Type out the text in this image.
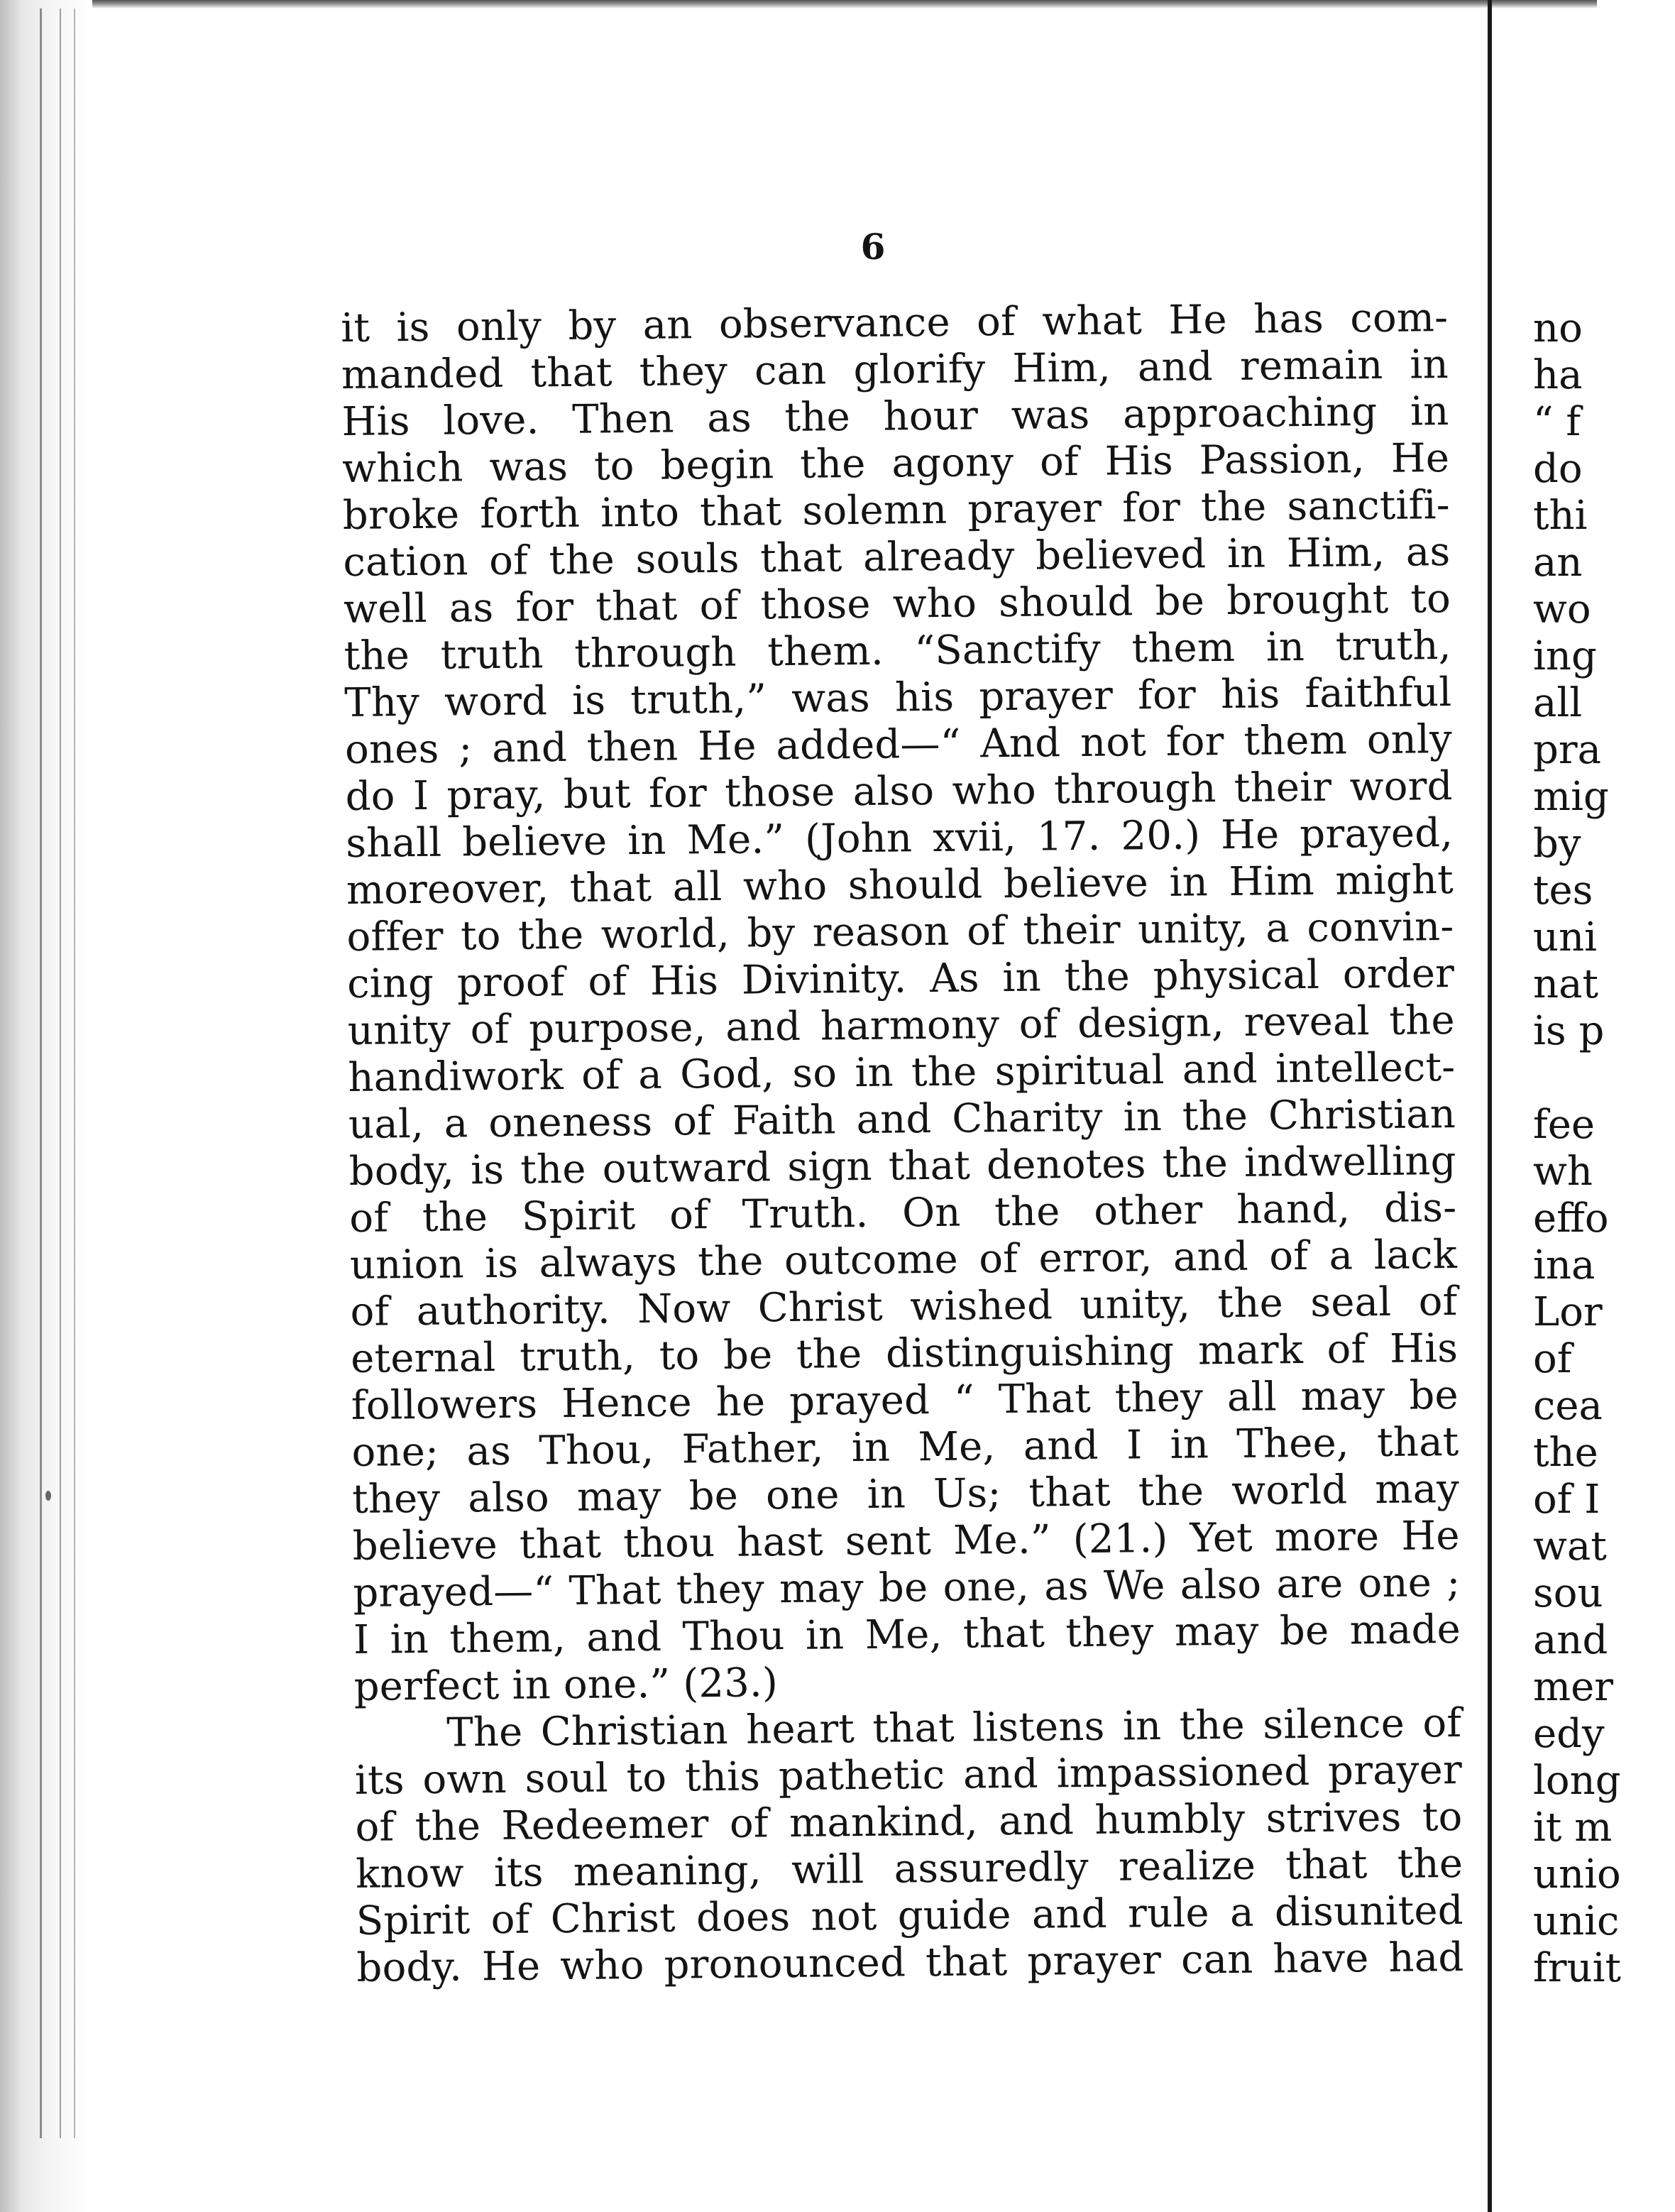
6
it is only by an observance of what He has com-
manded that they can glorify Him, and remain in
His love. Then as the hour was approaching in
which was to begin the agony of His Passion, He
broke forth into that solemn prayer for the sanctifi-
cation of the souls that already believed in Him, as
well as for that of those who should be brought to
the truth through them. “Sanctify them in truth,
Thy word is truth,” was his prayer for his faithful
ones ; and then He added—“ And not for them only
do I pray, but for those also who through their word
shall believe in Me.” (John xvii, 17. 20.) He prayed,
moreover, that all who should believe in Him might
offer to the world, by reason of their unity, a convin-
cing proof of His Divinity. As in the physical order
unity of purpose, and harmony of design, reveal the
handiwork of a God, so in the spiritual and intellect-
ual, a oneness of Faith and Charity in the Christian
body, is the outward sign that denotes the indwelling
of the Spirit of Truth. On the other hand, dis-
union is always the outcome of error, and of a lack
of authority. Now Christ wished unity, the seal of
eternal truth, to be the distinguishing mark of His
followers Hence he prayed “ That they all may be
one; as Thou, Father, in Me, and I in Thee, that
they also may be one in Us; that the world may
believe that thou hast sent Me.” (21.) Yet more He
prayed—“ That they may be one, as We also are one ;
I in them, and Thou in Me, that they may be made
perfect in one.” (23.)
The Christian heart that listens in the silence of
its own soul to this pathetic and impassioned prayer
of the Redeemer of mankind, and humbly strives to
know its meaning, will assuredly realize that the
Spirit of Christ does not guide and rule a disunited
body. He who pronounced that prayer can have had
no
ha
“ f
do
thi
an
wo
ing
all
pra
mig
by
tes
uni
nat
is p
fee
wh
effo
ina
Lor
of
cea
the
of I
wat
sou
and
mer
edy
long
it m
unio
unic
fruit
